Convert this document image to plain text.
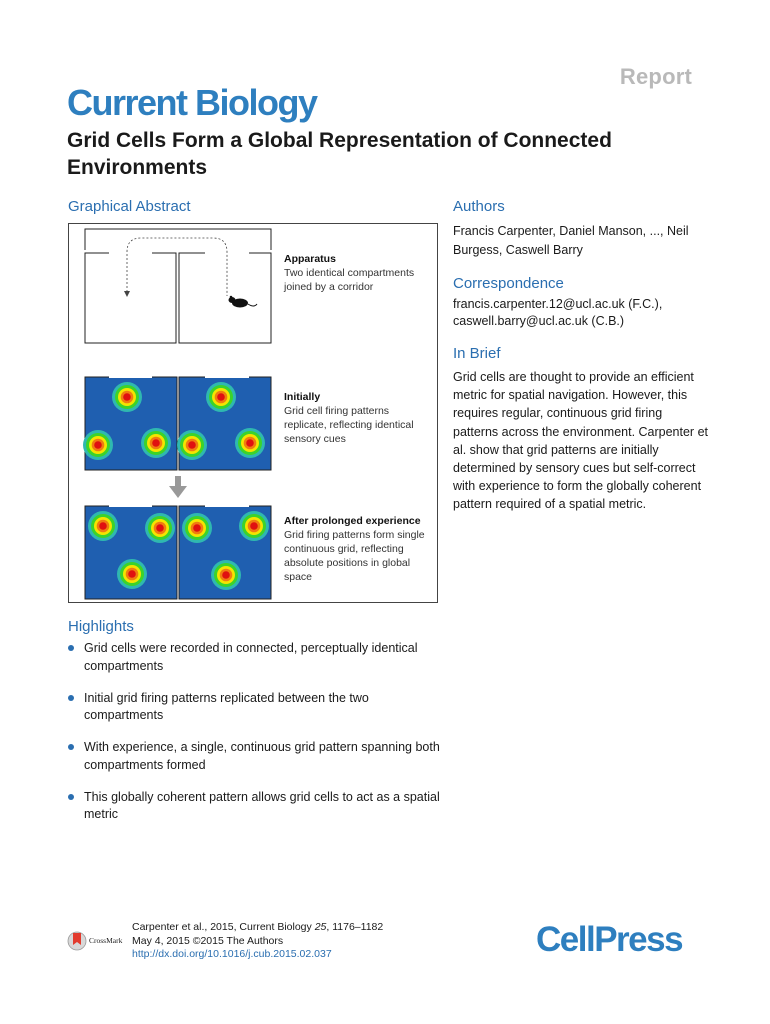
Report
Current Biology
Grid Cells Form a Global Representation of Connected Environments
Graphical Abstract
Apparatus
Two identical compartments joined by a corridor
Initially
Grid cell firing patterns replicate, reflecting identical sensory cues
After prolonged experience
Grid firing patterns form single continuous grid, reflecting absolute positions in global space
Authors
Francis Carpenter, Daniel Manson, ..., Neil Burgess, Caswell Barry
Correspondence
francis.carpenter.12@ucl.ac.uk (F.C.), caswell.barry@ucl.ac.uk (C.B.)
In Brief
Grid cells are thought to provide an efficient metric for spatial navigation. However, this requires regular, continuous grid firing patterns across the environment. Carpenter et al. show that grid patterns are initially determined by sensory cues but self-correct with experience to form the globally coherent pattern required of a spatial metric.
Highlights
Grid cells were recorded in connected, perceptually identical compartments
Initial grid firing patterns replicated between the two compartments
With experience, a single, continuous grid pattern spanning both compartments formed
This globally coherent pattern allows grid cells to act as a spatial metric
CrossMark
Carpenter et al., 2015, Current Biology 25, 1176–1182
May 4, 2015 ©2015 The Authors
http://dx.doi.org/10.1016/j.cub.2015.02.037	CellPress
